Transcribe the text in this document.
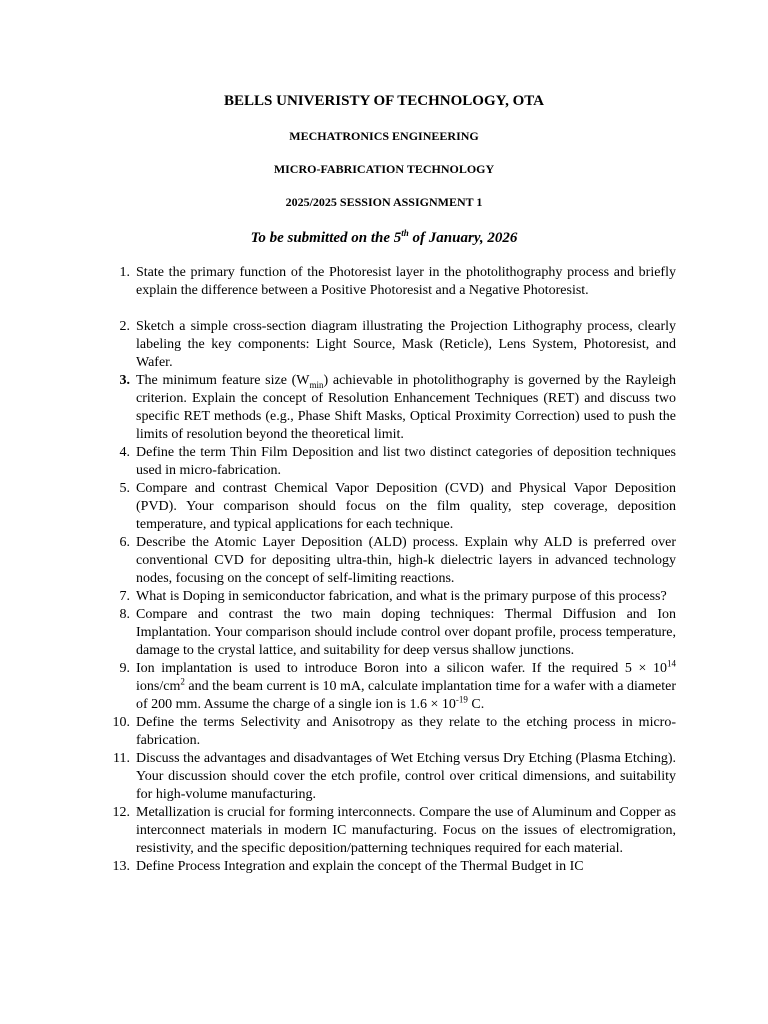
BELLS UNIVERISTY OF TECHNOLOGY, OTA
MECHATRONICS ENGINEERING
MICRO-FABRICATION TECHNOLOGY
2025/2025 SESSION ASSIGNMENT 1
To be submitted on the 5th of January, 2026
1. State the primary function of the Photoresist layer in the photolithography process and briefly explain the difference between a Positive Photoresist and a Negative Photoresist.
2. Sketch a simple cross-section diagram illustrating the Projection Lithography process, clearly labeling the key components: Light Source, Mask (Reticle), Lens System, Photoresist, and Wafer.
3. The minimum feature size $(W_{min})$ achievable in photolithography is governed by the Rayleigh criterion. Explain the concept of Resolution Enhancement Techniques (RET) and discuss two specific RET methods (e.g., Phase Shift Masks, Optical Proximity Correction) used to push the limits of resolution beyond the theoretical limit.
4. Define the term Thin Film Deposition and list two distinct categories of deposition techniques used in micro-fabrication.
5. Compare and contrast Chemical Vapor Deposition (CVD) and Physical Vapor Deposition (PVD). Your comparison should focus on the film quality, step coverage, deposition temperature, and typical applications for each technique.
6. Describe the Atomic Layer Deposition (ALD) process. Explain why ALD is preferred over conventional CVD for depositing ultra-thin, high-k dielectric layers in advanced technology nodes, focusing on the concept of self-limiting reactions.
7. What is Doping in semiconductor fabrication, and what is the primary purpose of this process?
8. Compare and contrast the two main doping techniques: Thermal Diffusion and Ion Implantation. Your comparison should include control over dopant profile, process temperature, damage to the crystal lattice, and suitability for deep versus shallow junctions.
9. Ion implantation is used to introduce Boron into a silicon wafer. If the required $5 \times 10^{14}$ ions/$cm^2$ and the beam current is 10 mA, calculate implantation time for a wafer with a diameter of 200 mm. Assume the charge of a single ion is $1.6 \times 10^{-19}$ C.
10. Define the terms Selectivity and Anisotropy as they relate to the etching process in micro-fabrication.
11. Discuss the advantages and disadvantages of Wet Etching versus Dry Etching (Plasma Etching). Your discussion should cover the etch profile, control over critical dimensions, and suitability for high-volume manufacturing.
12. Metallization is crucial for forming interconnects. Compare the use of Aluminum and Copper as interconnect materials in modern IC manufacturing. Focus on the issues of electromigration, resistivity, and the specific deposition/patterning techniques required for each material.
13. Define Process Integration and explain the concept of the Thermal Budget in IC
